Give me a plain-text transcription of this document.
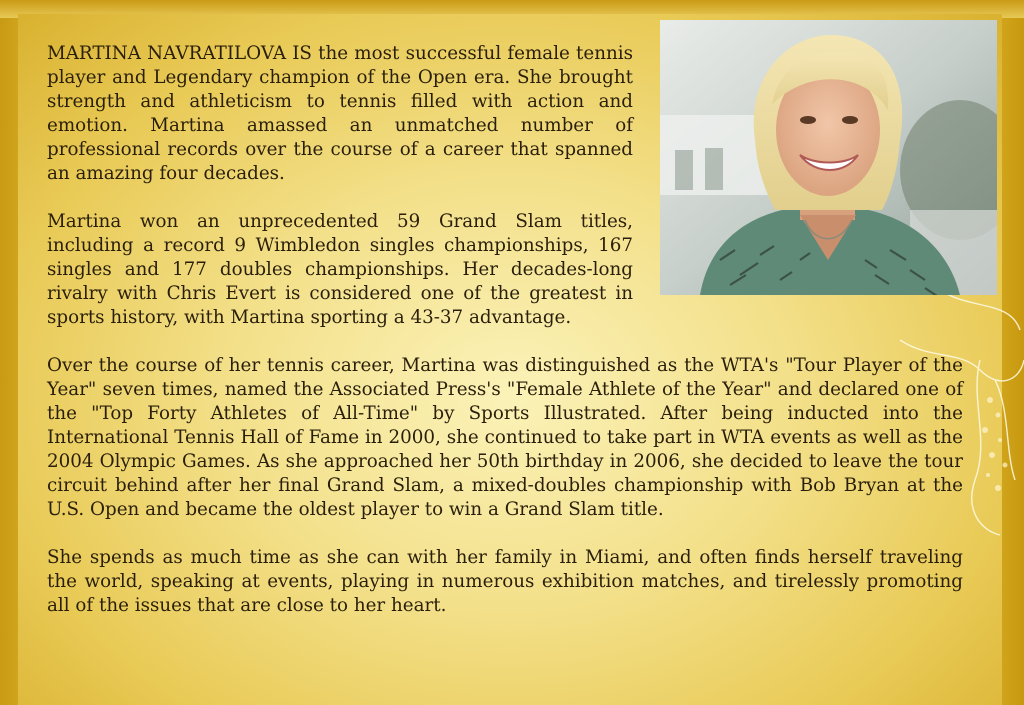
MARTINA NAVRATILOVA IS the most successful female tennis player and Legendary champion of the Open era. She brought strength and athleticism to tennis filled with action and emotion. Martina amassed an unmatched number of professional records over the course of a career that spanned an amazing four decades.

Martina won an unprecedented 59 Grand Slam titles, including a record 9 Wimbledon singles championships, 167 singles and 177 doubles championships. Her decades-long rivalry with Chris Evert is considered one of the greatest in sports history, with Martina sporting a 43-37 advantage.

Over the course of her tennis career, Martina was distinguished as the WTA's "Tour Player of the Year" seven times, named the Associated Press's "Female Athlete of the Year" and declared one of the "Top Forty Athletes of All-Time" by Sports Illustrated. After being inducted into the International Tennis Hall of Fame in 2000, she continued to take part in WTA events as well as the 2004 Olympic Games. As she approached her 50th birthday in 2006, she decided to leave the tour circuit behind after her final Grand Slam, a mixed-doubles championship with Bob Bryan at the U.S. Open and became the oldest player to win a Grand Slam title.

She spends as much time as she can with her family in Miami, and often finds herself traveling the world, speaking at events, playing in numerous exhibition matches, and tirelessly promoting all of the issues that are close to her heart.
